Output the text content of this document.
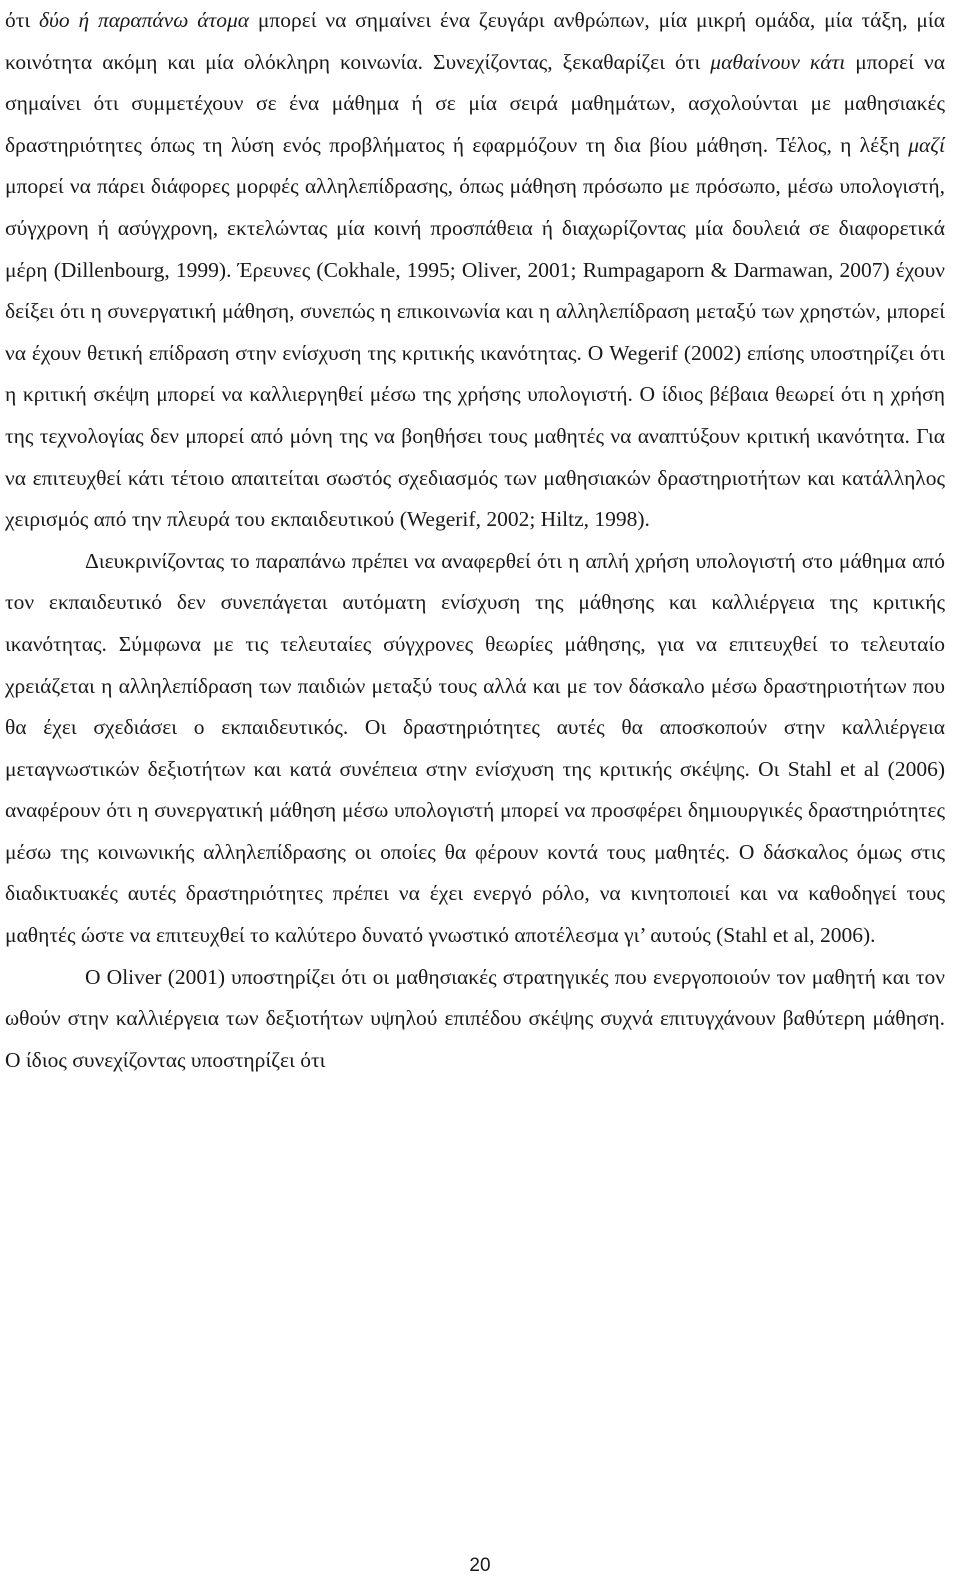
ότι δύο ή παραπάνω άτομα μπορεί να σημαίνει ένα ζευγάρι ανθρώπων, μία μικρή ομάδα, μία τάξη, μία κοινότητα ακόμη και μία ολόκληρη κοινωνία. Συνεχίζοντας, ξεκαθαρίζει ότι μαθαίνουν κάτι μπορεί να σημαίνει ότι συμμετέχουν σε ένα μάθημα ή σε μία σειρά μαθημάτων, ασχολούνται με μαθησιακές δραστηριότητες όπως τη λύση ενός προβλήματος ή εφαρμόζουν τη δια βίου μάθηση. Τέλος, η λέξη μαζί μπορεί να πάρει διάφορες μορφές αλληλεπίδρασης, όπως μάθηση πρόσωπο με πρόσωπο, μέσω υπολογιστή, σύγχρονη ή ασύγχρονη, εκτελώντας μία κοινή προσπάθεια ή διαχωρίζοντας μία δουλειά σε διαφορετικά μέρη (Dillenbourg, 1999). Έρευνες (Cokhale, 1995; Oliver, 2001; Rumpagaporn & Darmawan, 2007) έχουν δείξει ότι η συνεργατική μάθηση, συνεπώς η επικοινωνία και η αλληλεπίδραση μεταξύ των χρηστών, μπορεί να έχουν θετική επίδραση στην ενίσχυση της κριτικής ικανότητας. Ο Wegerif (2002) επίσης υποστηρίζει ότι η κριτική σκέψη μπορεί να καλλιεργηθεί μέσω της χρήσης υπολογιστή. Ο ίδιος βέβαια θεωρεί ότι η χρήση της τεχνολογίας δεν μπορεί από μόνη της να βοηθήσει τους μαθητές να αναπτύξουν κριτική ικανότητα. Για να επιτευχθεί κάτι τέτοιο απαιτείται σωστός σχεδιασμός των μαθησιακών δραστηριοτήτων και κατάλληλος χειρισμός από την πλευρά του εκπαιδευτικού (Wegerif, 2002; Hiltz, 1998).

Διευκρινίζοντας το παραπάνω πρέπει να αναφερθεί ότι η απλή χρήση υπολογιστή στο μάθημα από τον εκπαιδευτικό δεν συνεπάγεται αυτόματη ενίσχυση της μάθησης και καλλιέργεια της κριτικής ικανότητας. Σύμφωνα με τις τελευταίες σύγχρονες θεωρίες μάθησης, για να επιτευχθεί το τελευταίο χρειάζεται η αλληλεπίδραση των παιδιών μεταξύ τους αλλά και με τον δάσκαλο μέσω δραστηριοτήτων που θα έχει σχεδιάσει ο εκπαιδευτικός. Οι δραστηριότητες αυτές θα αποσκοπούν στην καλλιέργεια μεταγνωστικών δεξιοτήτων και κατά συνέπεια στην ενίσχυση της κριτικής σκέψης. Οι Stahl et al (2006) αναφέρουν ότι η συνεργατική μάθηση μέσω υπολογιστή μπορεί να προσφέρει δημιουργικές δραστηριότητες μέσω της κοινωνικής αλληλεπίδρασης οι οποίες θα φέρουν κοντά τους μαθητές. Ο δάσκαλος όμως στις διαδικτυακές αυτές δραστηριότητες πρέπει να έχει ενεργό ρόλο, να κινητοποιεί και να καθοδηγεί τους μαθητές ώστε να επιτευχθεί το καλύτερο δυνατό γνωστικό αποτέλεσμα γι’ αυτούς (Stahl et al, 2006).

Ο Oliver (2001) υποστηρίζει ότι οι μαθησιακές στρατηγικές που ενεργοποιούν τον μαθητή και τον ωθούν στην καλλιέργεια των δεξιοτήτων υψηλού επιπέδου σκέψης συχνά επιτυγχάνουν βαθύτερη μάθηση. Ο ίδιος συνεχίζοντας υποστηρίζει ότι

20
